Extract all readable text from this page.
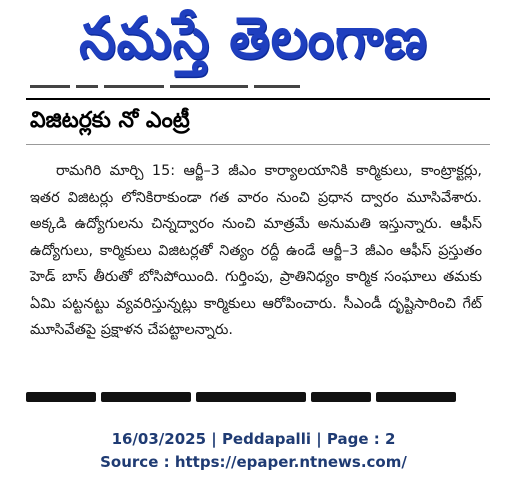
నమస్తే తెలంగాణ
విజిటర్లకు నో ఎంట్రీ

రామగిరి మార్చి 15: ఆర్జీ–3 జీఎం కార్యాలయానికి కార్మికులు, కాంట్రాక్టర్లు, ఇతర విజిటర్లు లోనికిరాకుండా గత వారం నుంచి ప్రధాన ద్వారం మూసివేశారు. అక్కడి ఉద్యోగులను చిన్నద్వారం నుంచి మాత్రమే అనుమతి ఇస్తున్నారు. ఆఫీస్ ఉద్యోగులు, కార్మికులు విజిటర్లతో నిత్యం రద్దీ ఉండే ఆర్జీ–3 జీఎం ఆఫీస్ ప్రస్తుతం హెడ్ బాస్ తీరుతో బోసిపోయింది. గుర్తింపు, ప్రాతినిధ్యం కార్మిక సంఘాలు తమకు ఏమి పట్టనట్టు వ్యవరిస్తున్నట్లు కార్మికులు ఆరోపించారు. సీఎండీ దృష్టిసారించి గేట్ మూసివేతపై ప్రక్షాళన చేపట్టాలన్నారు.

16/03/2025 | Peddapalli | Page : 2
Source : https://epaper.ntnews.com/
